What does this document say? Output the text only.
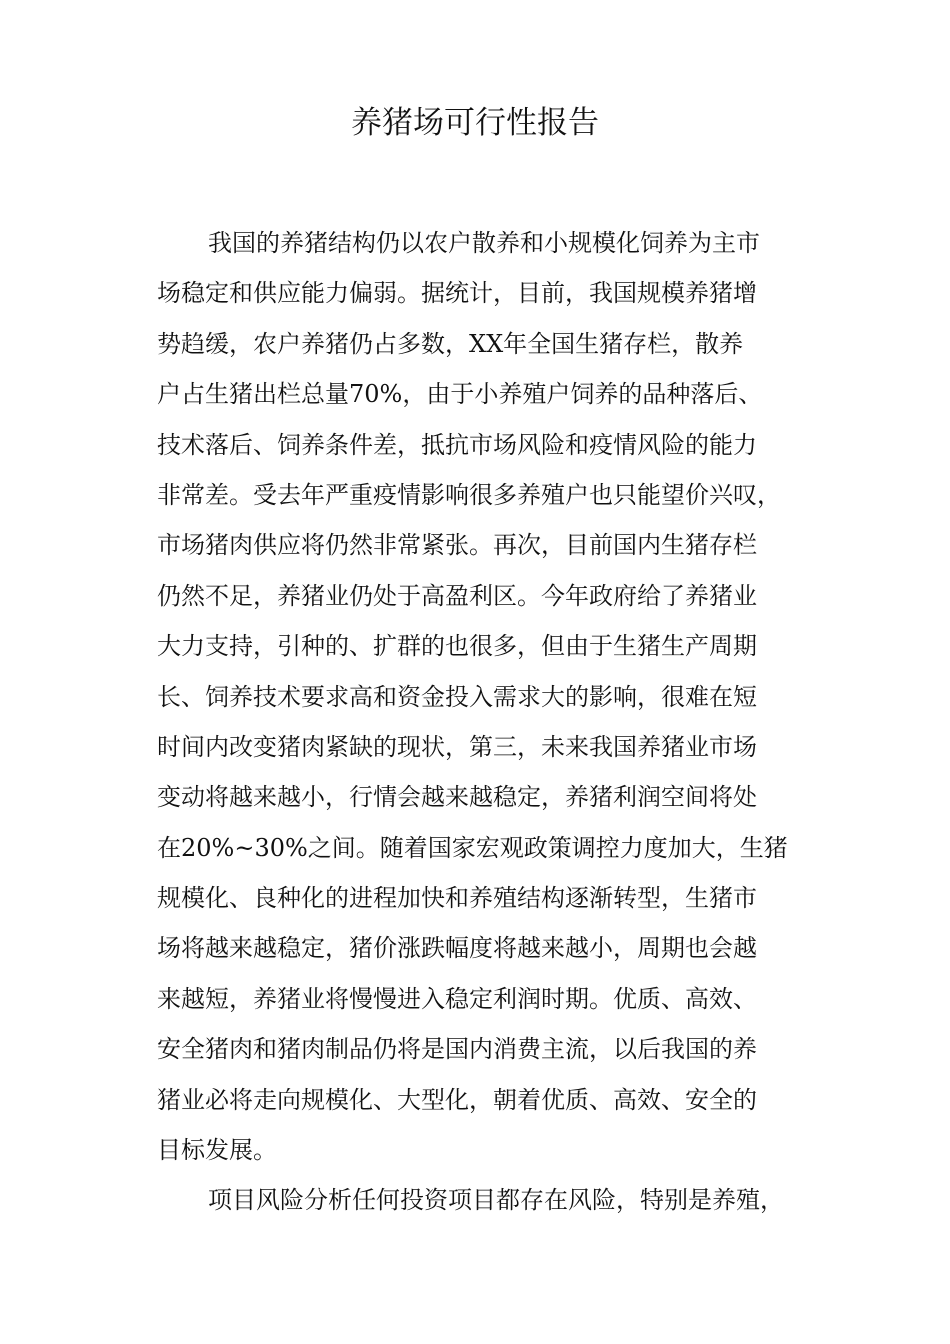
养猪场可行性报告

我国的养猪结构仍以农户散养和小规模化饲养为主市

场稳定和供应能力偏弱。据统计，目前，我国规模养猪增

势趋缓，农户养猪仍占多数，XX年全国生猪存栏，散养

户占生猪出栏总量70%，由于小养殖户饲养的品种落后、

技术落后、饲养条件差，抵抗市场风险和疫情风险的能力

非常差。受去年严重疫情影响很多养殖户也只能望价兴叹，

市场猪肉供应将仍然非常紧张。再次，目前国内生猪存栏

仍然不足，养猪业仍处于高盈利区。今年政府给了养猪业

大力支持，引种的、扩群的也很多，但由于生猪生产周期

长、饲养技术要求高和资金投入需求大的影响，很难在短

时间内改变猪肉紧缺的现状，第三，未来我国养猪业市场

变动将越来越小，行情会越来越稳定，养猪利润空间将处

在20%~30%之间。随着国家宏观政策调控力度加大，生猪

规模化、良种化的进程加快和养殖结构逐渐转型，生猪市

场将越来越稳定，猪价涨跌幅度将越来越小，周期也会越

来越短，养猪业将慢慢进入稳定利润时期。优质、高效、

安全猪肉和猪肉制品仍将是国内消费主流，以后我国的养

猪业必将走向规模化、大型化，朝着优质、高效、安全的

目标发展。

项目风险分析任何投资项目都存在风险，特别是养殖，
